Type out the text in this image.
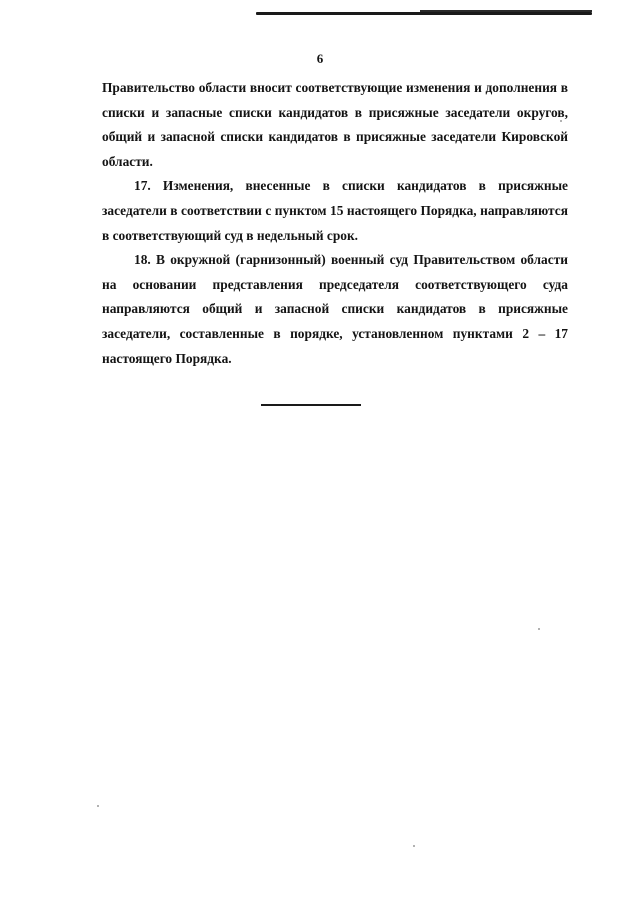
6

Правительство области вносит соответствующие изменения и дополнения в списки и запасные списки кандидатов в присяжные заседатели округов, общий и запасной списки кандидатов в присяжные заседатели Кировской области.

17. Изменения, внесенные в списки кандидатов в присяжные заседатели в соответствии с пунктом 15 настоящего Порядка, направляются в соответствующий суд в недельный срок.

18. В окружной (гарнизонный) военный суд Правительством области на основании представления председателя соответствующего суда направляются общий и запасной списки кандидатов в присяжные заседатели, составленные в порядке, установленном пунктами 2 – 17 настоящего Порядка.
